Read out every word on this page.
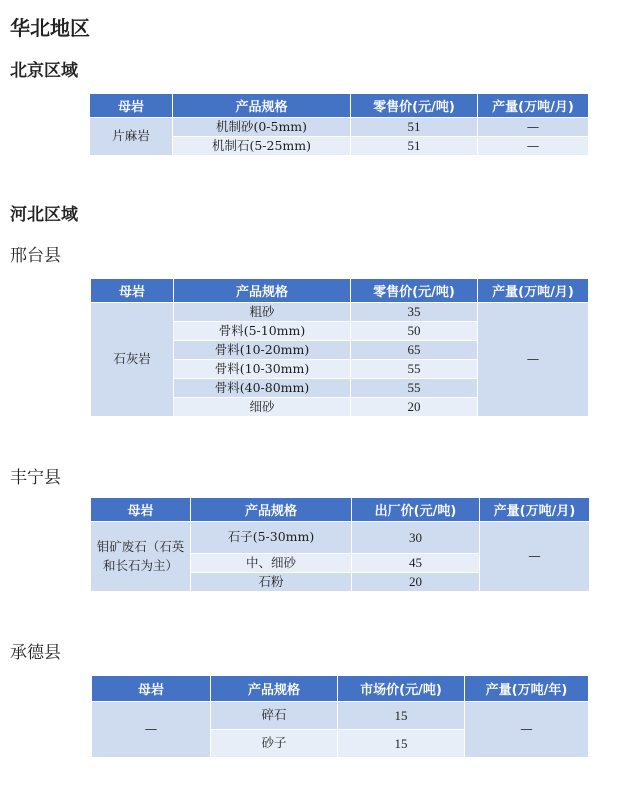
华北地区
北京区域
母岩	产品规格	零售价(元/吨)	产量(万吨/月)
片麻岩	机制砂(0-5mm)	51	—
	机制石(5-25mm)	51	—
河北区域
邢台县
母岩	产品规格	零售价(元/吨)	产量(万吨/月)
石灰岩	粗砂	35	—
	骨料(5-10mm)	50	
	骨料(10-20mm)	65	
	骨料(10-30mm)	55	
	骨料(40-80mm)	55	
	细砂	20	
丰宁县
母岩	产品规格	出厂价(元/吨)	产量(万吨/月)
钼矿废石（石英和长石为主）	石子(5-30mm)	30	—
	中、细砂	45	
	石粉	20	
承德县
母岩	产品规格	市场价(元/吨)	产量(万吨/年)
—	碎石	15	—
	砂子	15	
